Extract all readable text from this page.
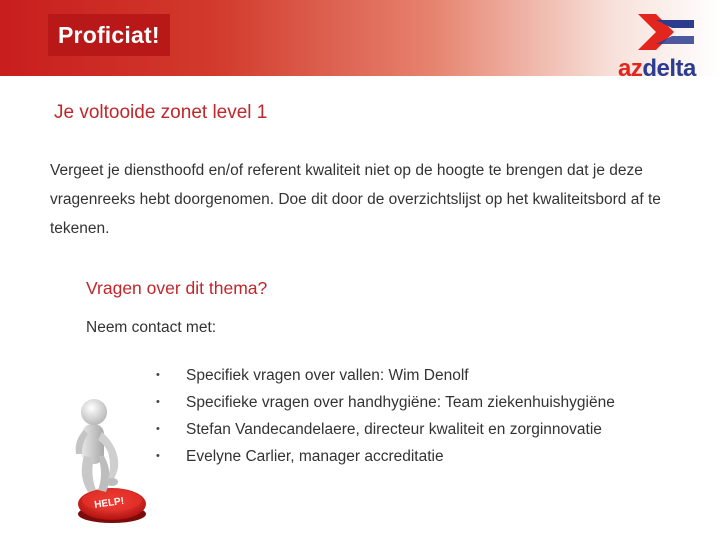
Proficiat!
azdelta
Je voltooide zonet level 1
Vergeet je diensthoofd en/of referent kwaliteit niet op de hoogte te brengen dat je deze vragenreeks hebt doorgenomen. Doe dit door de overzichtslijst op het kwaliteitsbord af te tekenen.
Vragen over dit thema?
Neem contact met:
• Specifiek vragen over vallen: Wim Denolf
• Specifieke vragen over handhygiëne: Team ziekenhuishygiëne
• Stefan Vandecandelaere, directeur kwaliteit en zorginnovatie
• Evelyne Carlier, manager accreditatie
HELP!
